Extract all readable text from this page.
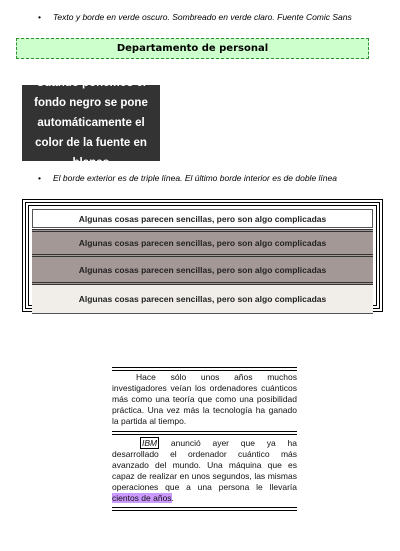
• Texto y borde en verde oscuro. Sombreado en verde claro. Fuente Comic Sans
Departamento de personal
Cuando ponemos el fondo negro se pone automáticamente el color de la fuente en blanco
• El borde exterior es de triple línea. El último borde interior es de doble línea
Algunas cosas parecen sencillas, pero son algo complicadas
Algunas cosas parecen sencillas, pero son algo complicadas
Algunas cosas parecen sencillas, pero son algo complicadas
Algunas cosas parecen sencillas, pero son algo complicadas
Hace sólo unos años muchos investigadores veían los ordenadores cuánticos más como una teoría que como una posibilidad práctica. Una vez más la tecnología ha ganado la partida al tiempo.
IBM anunció ayer que ya ha desarrollado el ordenador cuántico más avanzado del mundo. Una máquina que es capaz de realizar en unos segundos, las mismas operaciones que a una persona le llevaría cientos de años.
